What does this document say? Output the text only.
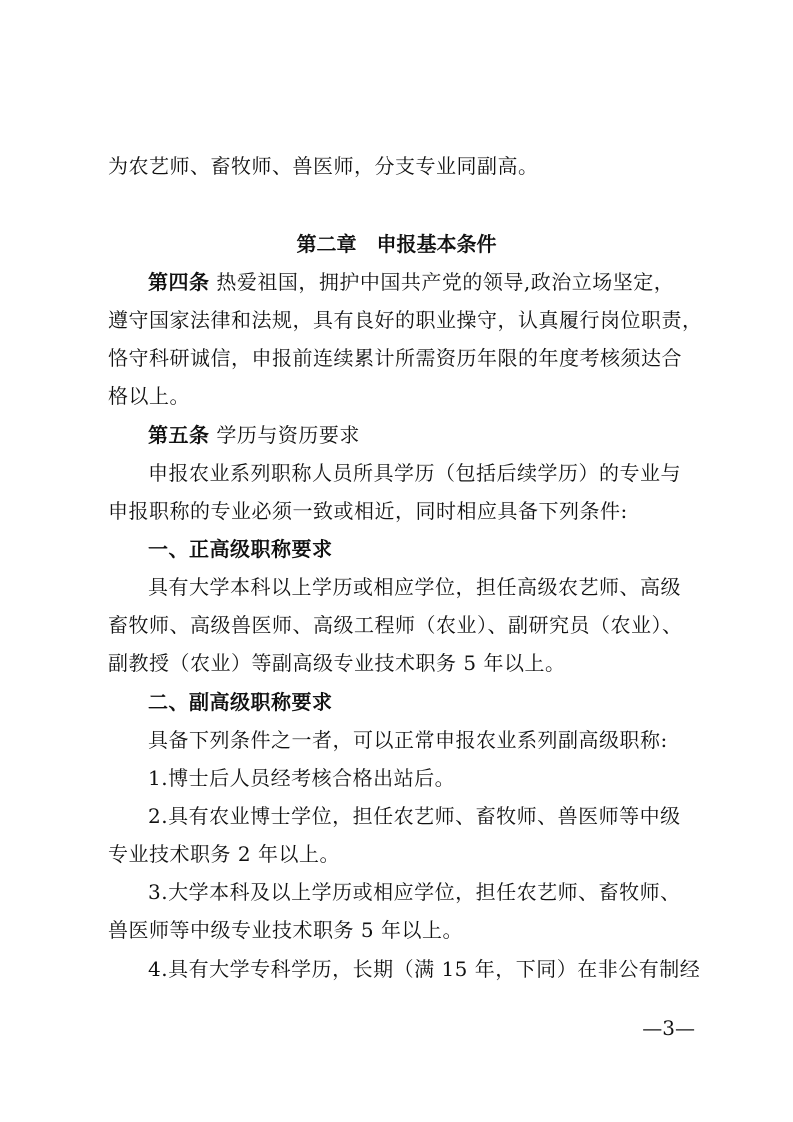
为农艺师、畜牧师、兽医师，分支专业同副高。
第二章　申报基本条件
第四条 热爱祖国，拥护中国共产党的领导,政治立场坚定，
遵守国家法律和法规，具有良好的职业操守，认真履行岗位职责，
恪守科研诚信，申报前连续累计所需资历年限的年度考核须达合
格以上。
第五条 学历与资历要求
申报农业系列职称人员所具学历（包括后续学历）的专业与
申报职称的专业必须一致或相近，同时相应具备下列条件:
一、正高级职称要求
具有大学本科以上学历或相应学位，担任高级农艺师、高级
畜牧师、高级兽医师、高级工程师（农业）、副研究员（农业）、
副教授（农业）等副高级专业技术职务 5 年以上。
二、副高级职称要求
具备下列条件之一者，可以正常申报农业系列副高级职称:
1.博士后人员经考核合格出站后。
2.具有农业博士学位，担任农艺师、畜牧师、兽医师等中级
专业技术职务 2 年以上。
3.大学本科及以上学历或相应学位，担任农艺师、畜牧师、
兽医师等中级专业技术职务 5 年以上。
4.具有大学专科学历，长期（满 15 年，下同）在非公有制经
—3—
